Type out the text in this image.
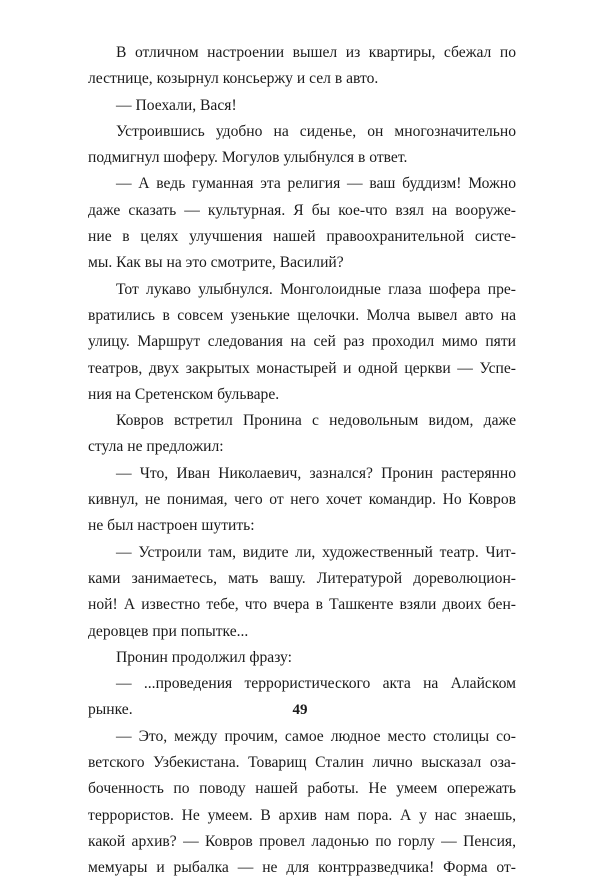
В отличном настроении вышел из квартиры, сбежал по
лестнице, козырнул консьержу и сел в авто.
— Поехали, Вася!
Устроившись удобно на сиденье, он многозначительно
подмигнул шоферу. Могулов улыбнулся в ответ.
— А ведь гуманная эта религия — ваш буддизм! Можно
даже сказать — культурная. Я бы кое-что взял на вооруже-
ние в целях улучшения нашей правоохранительной систе-
мы. Как вы на это смотрите, Василий?
Тот лукаво улыбнулся. Монголоидные глаза шофера пре-
вратились в совсем узенькие щелочки. Молча вывел авто на
улицу. Маршрут следования на сей раз проходил мимо пяти
театров, двух закрытых монастырей и одной церкви — Успе-
ния на Сретенском бульваре.
Ковров встретил Пронина с недовольным видом, даже
стула не предложил:
— Что, Иван Николаевич, зазнался? Пронин растерянно
кивнул, не понимая, чего от него хочет командир. Но Ковров
не был настроен шутить:
— Устроили там, видите ли, художественный театр. Чит-
ками занимаетесь, мать вашу. Литературой дореволюцион-
ной! А известно тебе, что вчера в Ташкенте взяли двоих бен-
деровцев при попытке...
Пронин продолжил фразу:
— ...проведения террористического акта на Алайском
рынке.
— Это, между прочим, самое людное место столицы со-
ветского Узбекистана. Товарищ Сталин лично высказал оза-
боченность по поводу нашей работы. Не умеем опережать
террористов. Не умеем. В архив нам пора. А у нас знаешь,
какой архив? — Ковров провел ладонью по горлу — Пенсия,
мемуары и рыбалка — не для контрразведчика! Форма от-
49
